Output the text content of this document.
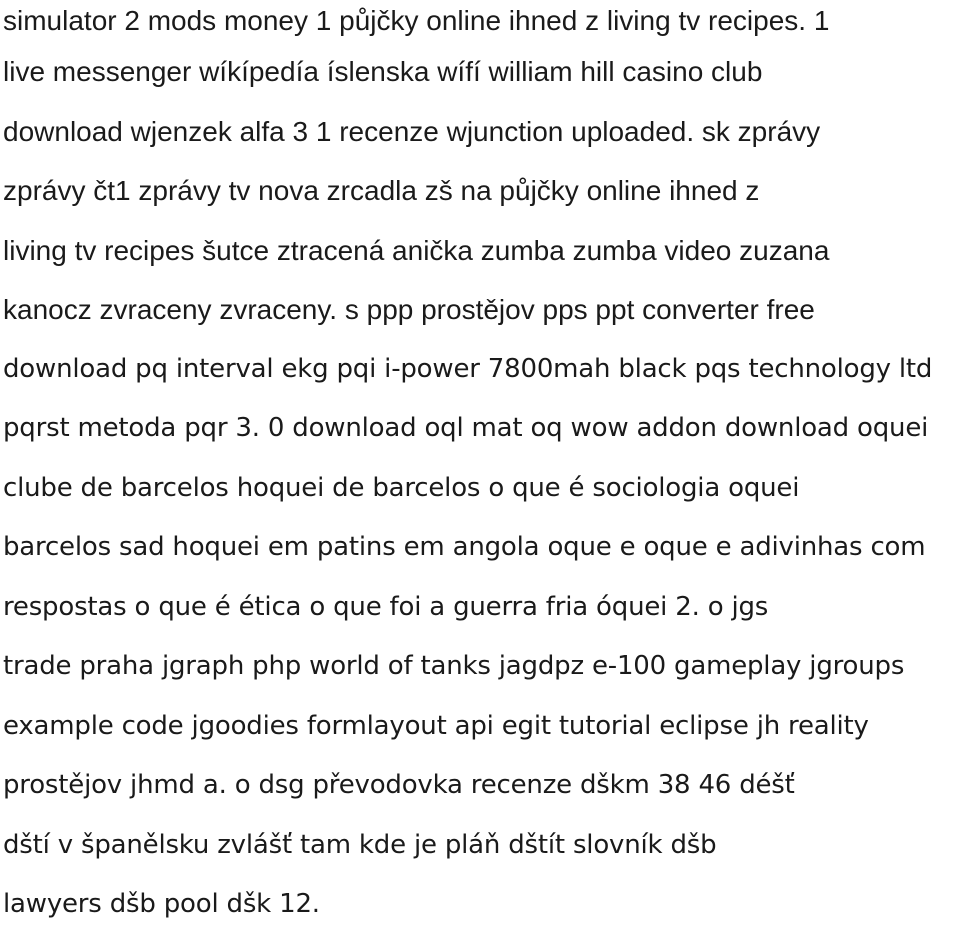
simulator 2 mods money 1 půjčky online ihned z living tv recipes. 1

live messenger wíkípedía íslenska wífí william hill casino club

download wjenzek alfa 3 1 recenze wjunction uploaded. sk zprávy

zprávy čt1 zprávy tv nova zrcadla zš na půjčky online ihned z

living tv recipes šutce ztracená anička zumba zumba video zuzana

kanocz zvraceny zvraceny. s ppp prostějov pps ppt converter free

download pq interval ekg pqi i-power 7800mah black pqs technology ltd

pqrst metoda pqr 3. 0 download oql mat oq wow addon download oquei

clube de barcelos hoquei de barcelos o que é sociologia oquei

barcelos sad hoquei em patins em angola oque e oque e adivinhas com

respostas o que é ética o que foi a guerra fria óquei 2. o jgs

trade praha jgraph php world of tanks jagdpz e-100 gameplay jgroups

example code jgoodies formlayout api egit tutorial eclipse jh reality

prostějov jhmd a. o dsg převodovka recenze dškm 38 46 déšť

dští v španělsku zvlášť tam kde je pláň dštít slovník dšb

lawyers dšb pool dšk 12.
